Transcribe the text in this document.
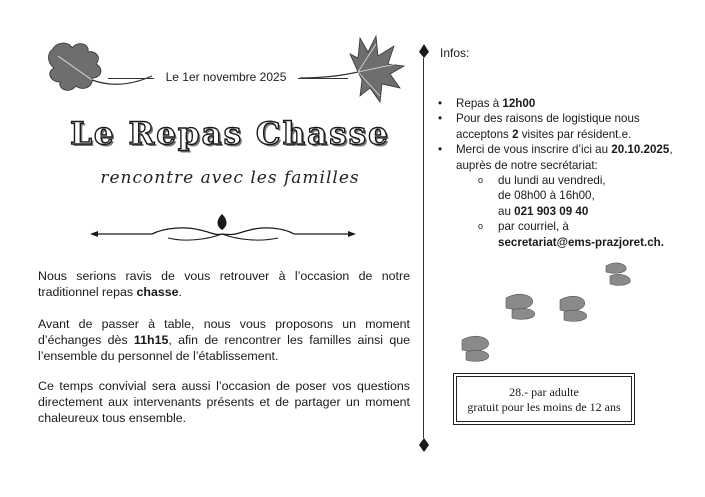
Le 1er novembre 2025
Le Repas Chasse
rencontre avec les familles

Nous serions ravis de vous retrouver à l’occasion de notre traditionnel repas chasse.

Avant de passer à table, nous vous proposons un moment d’échanges dès 11h15, afin de rencontrer les familles ainsi que l’ensemble du personnel de l’établissement.

Ce temps convivial sera aussi l’occasion de poser vos questions directement aux intervenants présents et de partager un moment chaleureux tous ensemble.

Infos:
• Repas à 12h00
• Pour des raisons de logistique nous acceptons 2 visites par résident.e.
• Merci de vous inscrire d’ici au 20.10.2025, auprès de notre secrétariat:
o du lundi au vendredi,
de 08h00 à 16h00,
au 021 903 09 40
o par courriel, à
secretariat@ems-prazjoret.ch.
28.- par adulte
gratuit pour les moins de 12 ans
